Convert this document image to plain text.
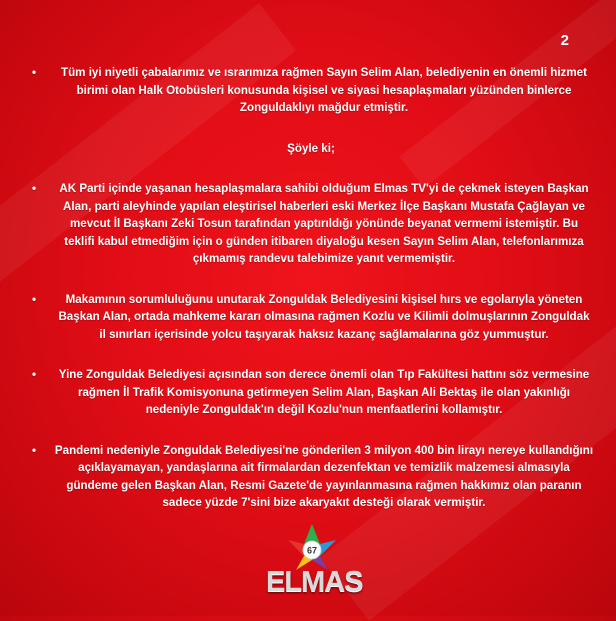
2
•	Tüm iyi niyetli çabalarımız ve ısrarımıza rağmen Sayın Selim Alan, belediyenin en önemli hizmet birimi olan Halk Otobüsleri konusunda kişisel ve siyasi hesaplaşmaları yüzünden binlerce Zonguldaklıyı mağdur etmiştir.
Şöyle ki;
•	AK Parti içinde yaşanan hesaplaşmalara sahibi olduğum Elmas TV'yi de çekmek isteyen Başkan Alan, parti aleyhinde yapılan eleştirisel haberleri eski Merkez İlçe Başkanı Mustafa Çağlayan ve mevcut İl Başkanı Zeki Tosun tarafından yaptırıldığı yönünde beyanat vermemi istemiştir. Bu teklifi kabul etmediğim için o günden itibaren diyaloğu kesen Sayın Selim Alan, telefonlarımıza çıkmamış randevu talebimize yanıt vermemiştir.
•	Makamının sorumluluğunu unutarak Zonguldak Belediyesini kişisel hırs ve egolarıyla yöneten Başkan Alan, ortada mahkeme kararı olmasına rağmen Kozlu ve Kilimli dolmuşlarının Zonguldak il sınırları içerisinde yolcu taşıyarak haksız kazanç sağlamalarına göz yummuştur.
•	Yine Zonguldak Belediyesi açısından son derece önemli olan Tıp Fakültesi hattını söz vermesine rağmen İl Trafik Komisyonuna getirmeyen Selim Alan, Başkan Ali Bektaş ile olan yakınlığı nedeniyle Zonguldak'ın değil Kozlu'nun menfaatlerini kollamıştır.
•	Pandemi nedeniyle Zonguldak Belediyesi'ne gönderilen 3 milyon 400 bin lirayı nereye kullandığını açıklayamayan, yandaşlarına ait firmalardan dezenfektan ve temizlik malzemesi almasıyla gündeme gelen Başkan Alan, Resmi Gazete'de yayınlanmasına rağmen hakkımız olan paranın sadece yüzde 7'sini bize akaryakıt desteği olarak vermiştir.
67
ELMAS
